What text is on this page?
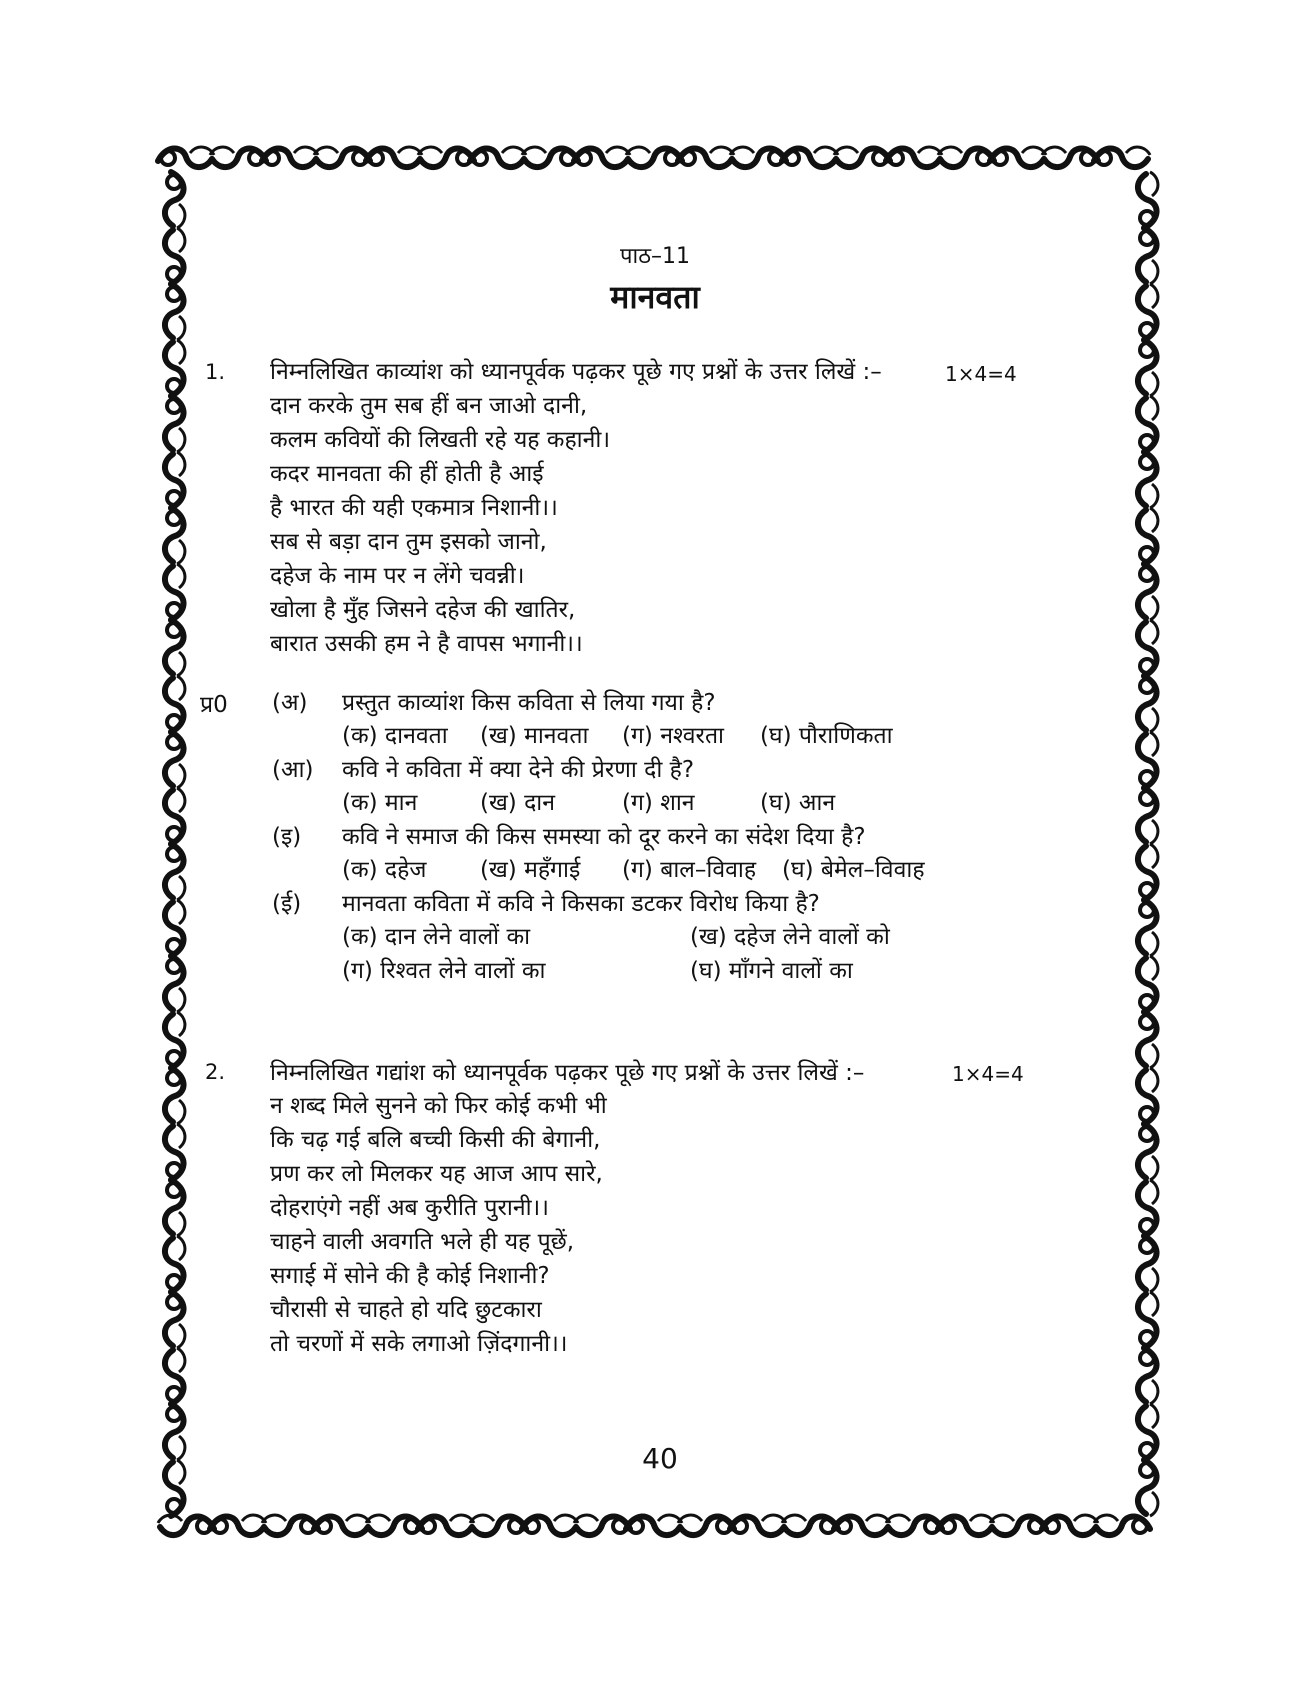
पाठ–11
मानवता
1. निम्नलिखित काव्यांश को ध्यानपूर्वक पढ़कर पूछे गए प्रश्नों के उत्तर लिखें :–	1×4=4
दान करके तुम सब हीं बन जाओ दानी,
कलम कवियों की लिखती रहे यह कहानी।
कदर मानवता की हीं होती है आई
है भारत की यही एकमात्र निशानी।।
सब से बड़ा दान तुम इसको जानो,
दहेज के नाम पर न लेंगे चवन्नी।
खोला है मुँह जिसने दहेज की खातिर,
बारात उसकी हम ने है वापस भगानी।।
प्र0 (अ) प्रस्तुत काव्यांश किस कविता से लिया गया है?
(क) दानवता (ख) मानवता (ग) नश्वरता (घ) पौराणिकता
(आ) कवि ने कविता में क्या देने की प्रेरणा दी है?
(क) मान	(ख) दान	(ग) शान	(घ) आन
(इ) कवि ने समाज की किस समस्या को दूर करने का संदेश दिया है?
(क) दहेज (ख) महँगाई (ग) बाल–विवाह (घ) बेमेल–विवाह
(ई) मानवता कविता में कवि ने किसका डटकर विरोध किया है?
(क) दान लेने वालों का	(ख) दहेज लेने वालों को
(ग) रिश्वत लेने वालों का	(घ) माँगने वालों का
2. निम्नलिखित गद्यांश को ध्यानपूर्वक पढ़कर पूछे गए प्रश्नों के उत्तर लिखें :–	1×4=4
न शब्द मिले सुनने को फिर कोई कभी भी
कि चढ़ गई बलि बच्ची किसी की बेगानी,
प्रण कर लो मिलकर यह आज आप सारे,
दोहराएंगे नहीं अब कुरीति पुरानी।।
चाहने वाली अवगति भले ही यह पूछें,
सगाई में सोने की है कोई निशानी?
चौरासी से चाहते हो यदि छुटकारा
तो चरणों में सके लगाओ ज़िंदगानी।।
40
